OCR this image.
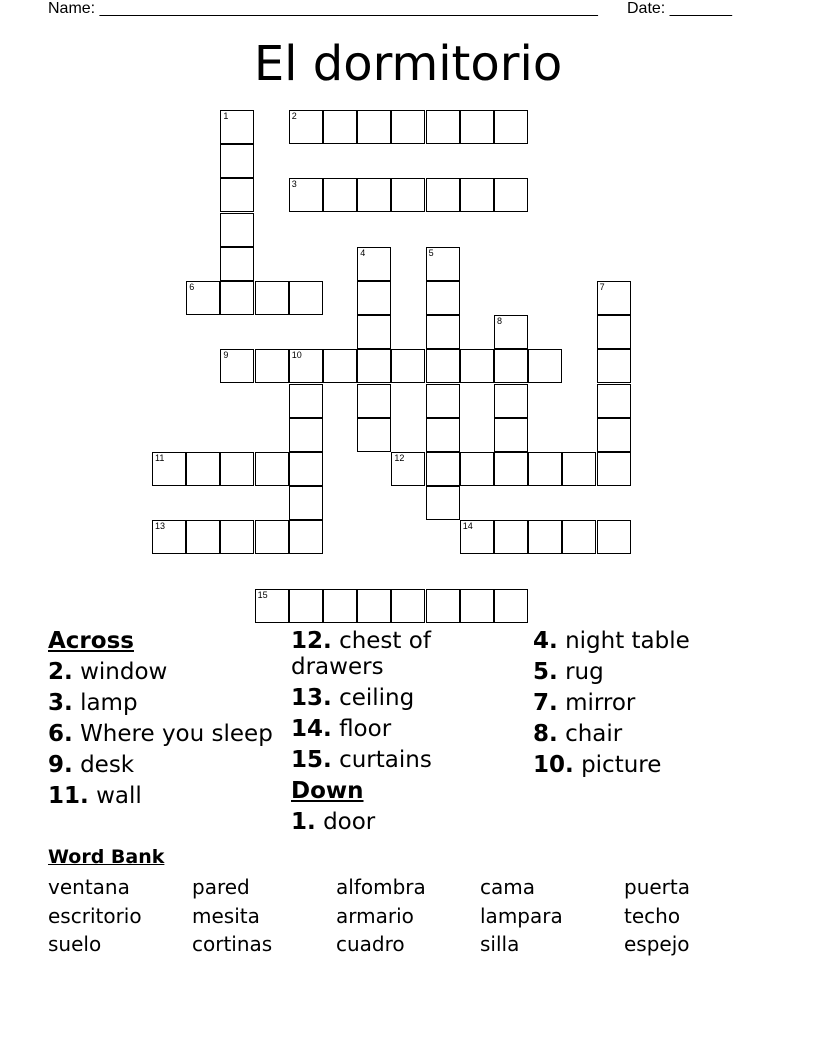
Name: ________________________________________________________ Date: _______
El dormitorio
2
3
6
9	10
11	12
13	14
15
1
4	5
7
8
Across
2. window
3. lamp
6. Where you sleep
9. desk
11. wall
12. chest of drawers
13. ceiling
14. floor
15. curtains
Down
1. door
4. night table
5. rug
7. mirror
8. chair
10. picture
Word Bank
ventana	pared	alfombra	cama	puerta
escritorio	mesita	armario	lampara	techo
suelo	cortinas	cuadro	silla	espejo
